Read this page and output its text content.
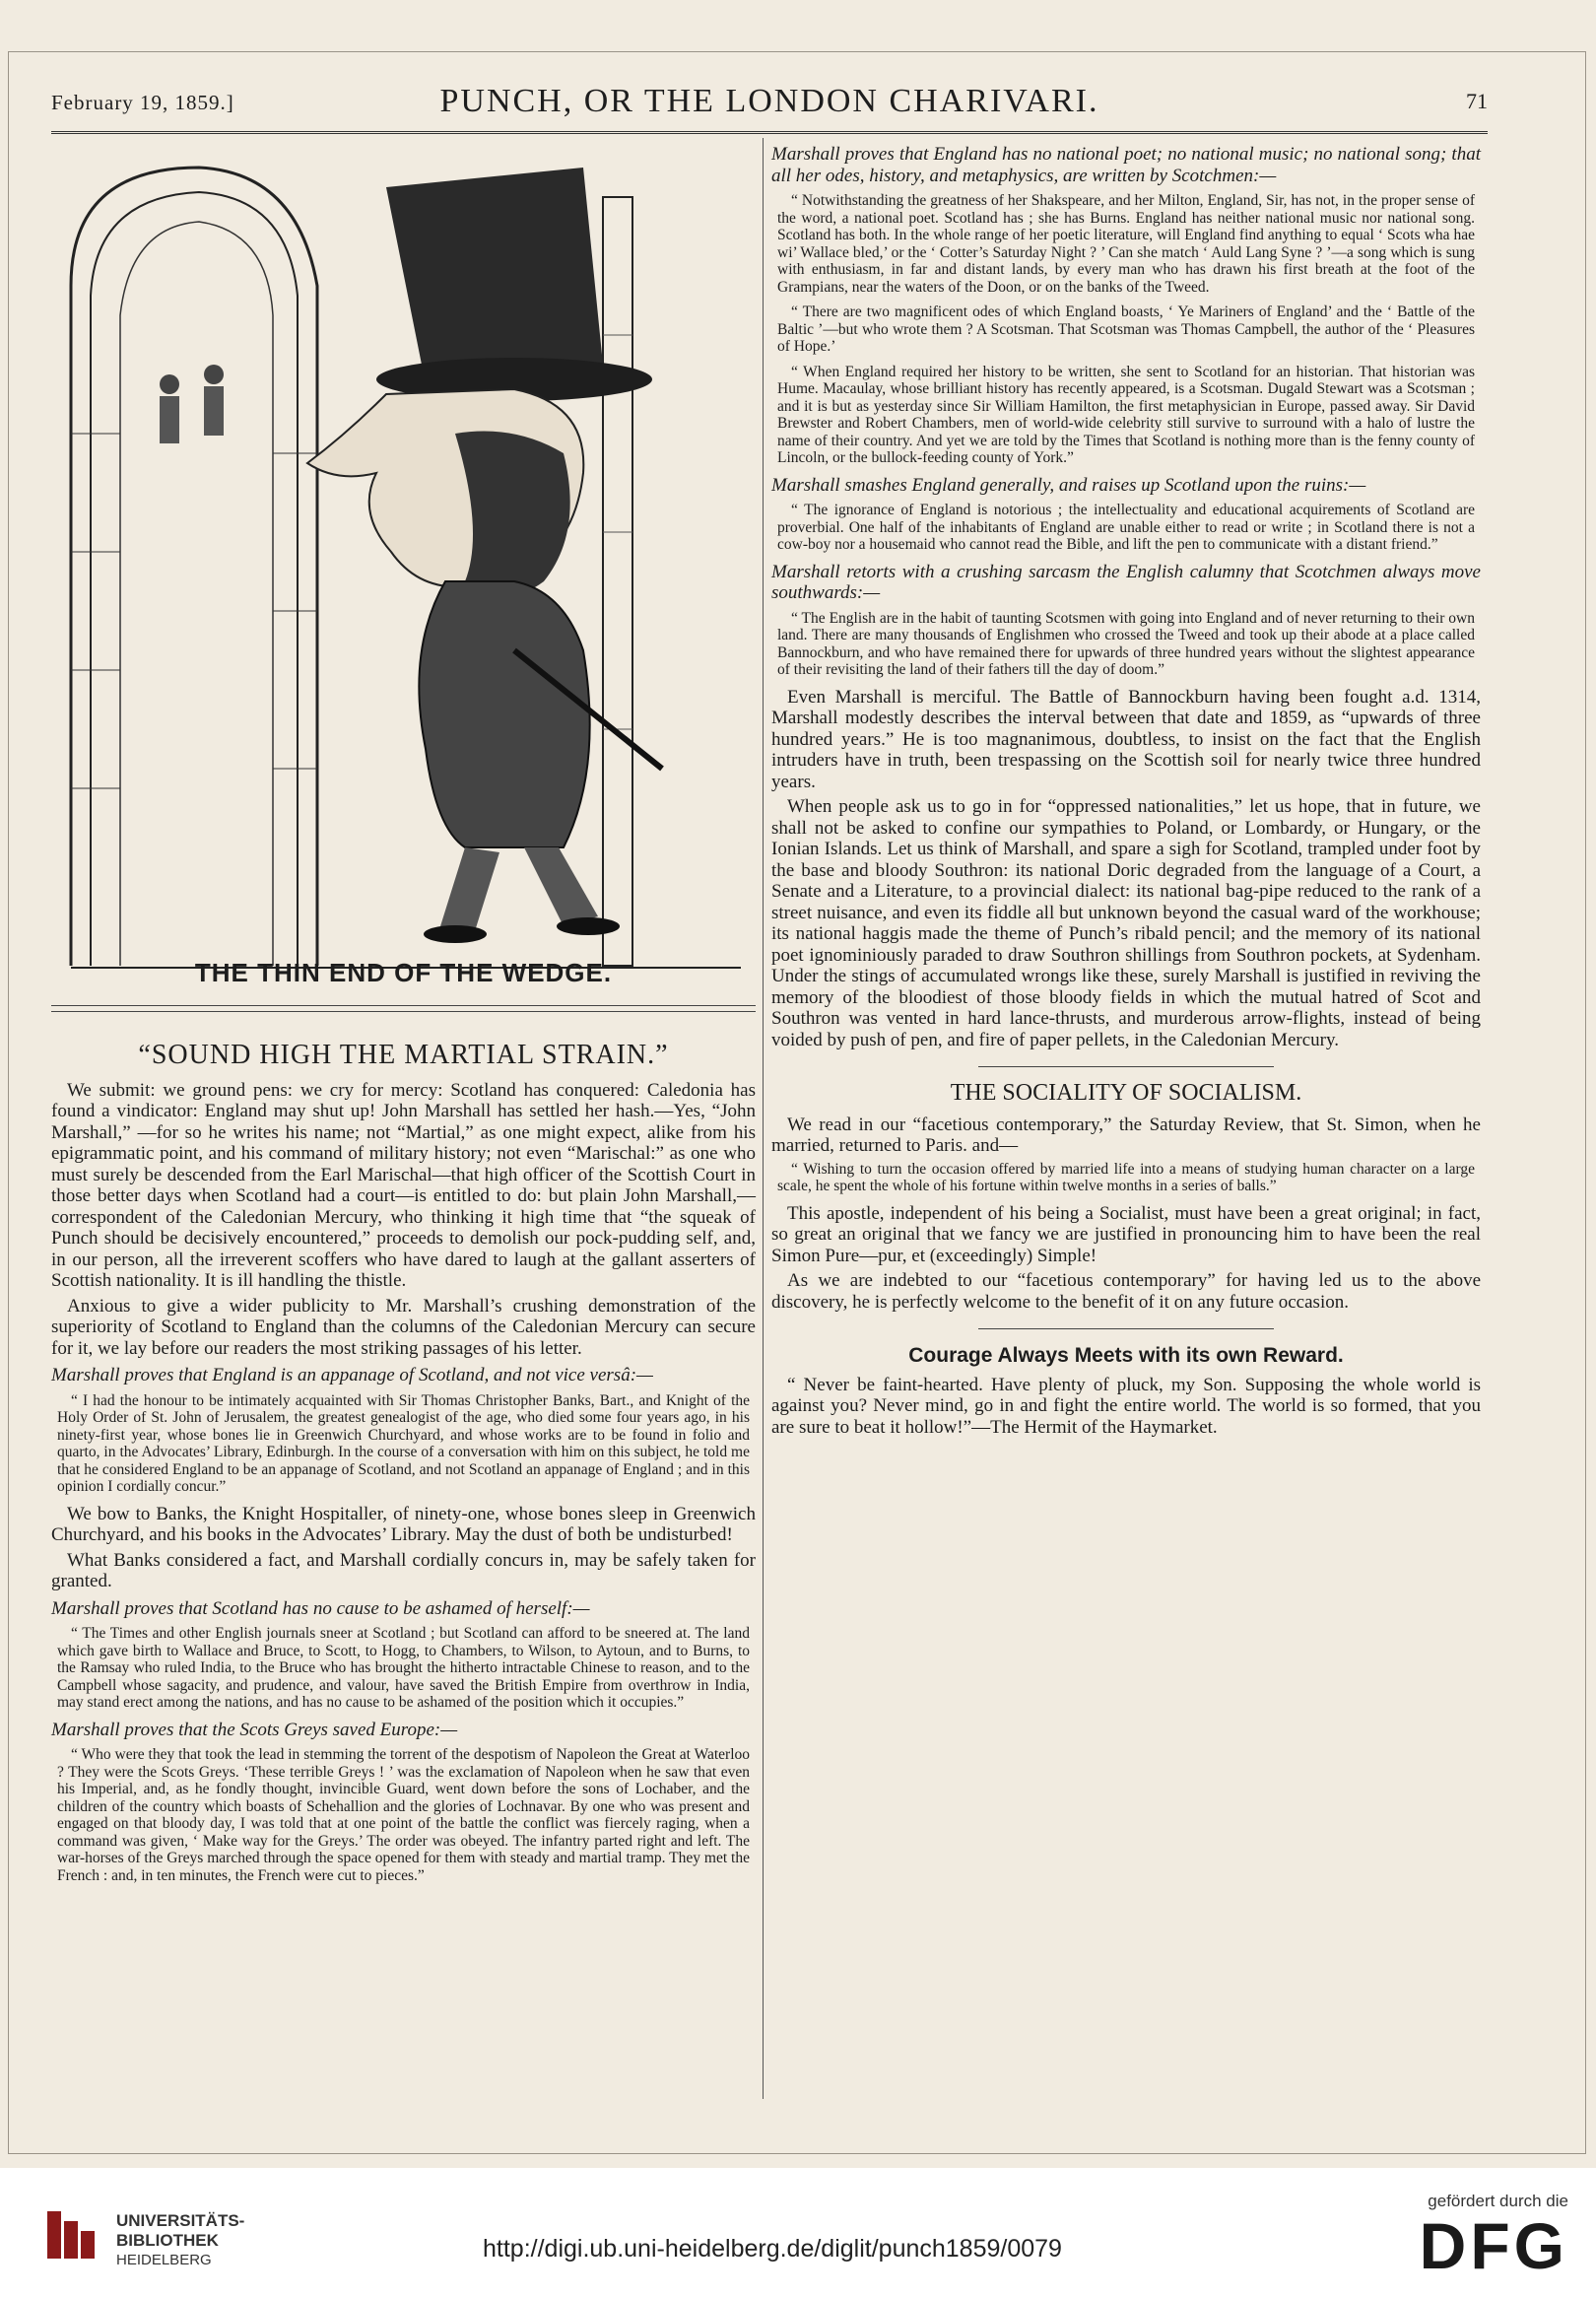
February 19, 1859.]	PUNCH, OR THE LONDON CHARIVARI.	71
THE THIN END OF THE WEDGE.
“SOUND HIGH THE MARTIAL STRAIN.”

We submit: we ground pens: we cry for mercy: Scotland has conquered: Caledonia has found a vindicator: England may shut up! John Marshall has settled her hash.—Yes, “John Marshall,” —for so he writes his name; not “Martial,” as one might expect, alike from his epigrammatic point, and his command of military history; not even “Marischal:” as one who must surely be descended from the Earl Marischal—that high officer of the Scottish Court in those better days when Scotland had a court—is entitled to do: but plain John Marshall,—correspondent of the Caledonian Mercury, who thinking it high time that “the squeak of Punch should be decisively encountered,” proceeds to demolish our pock-pudding self, and, in our person, all the irreverent scoffers who have dared to laugh at the gallant asserters of Scottish nationality. It is ill handling the thistle.

Anxious to give a wider publicity to Mr. Marshall’s crushing demonstration of the superiority of Scotland to England than the columns of the Caledonian Mercury can secure for it, we lay before our readers the most striking passages of his letter.

Marshall proves that England is an appanage of Scotland, and not vice versâ:—

“ I had the honour to be intimately acquainted with Sir Thomas Christopher Banks, Bart., and Knight of the Holy Order of St. John of Jerusalem, the greatest genealogist of the age, who died some four years ago, in his ninety-first year, whose bones lie in Greenwich Churchyard, and whose works are to be found in folio and quarto, in the Advocates’ Library, Edinburgh. In the course of a conversation with him on this subject, he told me that he considered England to be an appanage of Scotland, and not Scotland an appanage of England ; and in this opinion I cordially concur.”

We bow to Banks, the Knight Hospitaller, of ninety-one, whose bones sleep in Greenwich Churchyard, and his books in the Advocates’ Library. May the dust of both be undisturbed!

What Banks considered a fact, and Marshall cordially concurs in, may be safely taken for granted.

Marshall proves that Scotland has no cause to be ashamed of herself:—

“ The Times and other English journals sneer at Scotland ; but Scotland can afford to be sneered at. The land which gave birth to Wallace and Bruce, to Scott, to Hogg, to Chambers, to Wilson, to Aytoun, and to Burns, to the Ramsay who ruled India, to the Bruce who has brought the hitherto intractable Chinese to reason, and to the Campbell whose sagacity, and prudence, and valour, have saved the British Empire from overthrow in India, may stand erect among the nations, and has no cause to be ashamed of the position which it occupies.”

Marshall proves that the Scots Greys saved Europe:—

“ Who were they that took the lead in stemming the torrent of the despotism of Napoleon the Great at Waterloo ? They were the Scots Greys. ‘These terrible Greys ! ’ was the exclamation of Napoleon when he saw that even his Imperial, and, as he fondly thought, invincible Guard, went down before the sons of Lochaber, and the children of the country which boasts of Schehallion and the glories of Lochnavar. By one who was present and engaged on that bloody day, I was told that at one point of the battle the conflict was fiercely raging, when a command was given, ‘ Make way for the Greys.’ The order was obeyed. The infantry parted right and left. The war-horses of the Greys marched through the space opened for them with steady and martial tramp. They met the French : and, in ten minutes, the French were cut to pieces.”

Marshall proves that England has no national poet; no national music; no national song; that all her odes, history, and metaphysics, are written by Scotchmen:—

“ Notwithstanding the greatness of her Shakspeare, and her Milton, England, Sir, has not, in the proper sense of the word, a national poet. Scotland has ; she has Burns. England has neither national music nor national song. Scotland has both. In the whole range of her poetic literature, will England find anything to equal ‘ Scots wha hae wi’ Wallace bled,’ or the ‘ Cotter’s Saturday Night ? ’ Can she match ‘ Auld Lang Syne ? ’—a song which is sung with enthusiasm, in far and distant lands, by every man who has drawn his first breath at the foot of the Grampians, near the waters of the Doon, or on the banks of the Tweed.

“ There are two magnificent odes of which England boasts, ‘ Ye Mariners of England’ and the ‘ Battle of the Baltic ’—but who wrote them ? A Scotsman. That Scotsman was Thomas Campbell, the author of the ‘ Pleasures of Hope.’

“ When England required her history to be written, she sent to Scotland for an historian. That historian was Hume. Macaulay, whose brilliant history has recently appeared, is a Scotsman. Dugald Stewart was a Scotsman ; and it is but as yesterday since Sir William Hamilton, the first metaphysician in Europe, passed away. Sir David Brewster and Robert Chambers, men of world-wide celebrity still survive to surround with a halo of lustre the name of their country. And yet we are told by the Times that Scotland is nothing more than is the fenny county of Lincoln, or the bullock-feeding county of York.”

Marshall smashes England generally, and raises up Scotland upon the ruins:—

“ The ignorance of England is notorious ; the intellectuality and educational acquirements of Scotland are proverbial. One half of the inhabitants of England are unable either to read or write ; in Scotland there is not a cow-boy nor a housemaid who cannot read the Bible, and lift the pen to communicate with a distant friend.”

Marshall retorts with a crushing sarcasm the English calumny that Scotchmen always move southwards:—

“ The English are in the habit of taunting Scotsmen with going into England and of never returning to their own land. There are many thousands of Englishmen who crossed the Tweed and took up their abode at a place called Bannockburn, and who have remained there for upwards of three hundred years without the slightest appearance of their revisiting the land of their fathers till the day of doom.”

Even Marshall is merciful. The Battle of Bannockburn having been fought a.d. 1314, Marshall modestly describes the interval between that date and 1859, as “upwards of three hundred years.” He is too magnanimous, doubtless, to insist on the fact that the English intruders have in truth, been trespassing on the Scottish soil for nearly twice three hundred years.

When people ask us to go in for “oppressed nationalities,” let us hope, that in future, we shall not be asked to confine our sympathies to Poland, or Lombardy, or Hungary, or the Ionian Islands. Let us think of Marshall, and spare a sigh for Scotland, trampled under foot by the base and bloody Southron: its national Doric degraded from the language of a Court, a Senate and a Literature, to a provincial dialect: its national bag-pipe reduced to the rank of a street nuisance, and even its fiddle all but unknown beyond the casual ward of the workhouse; its national haggis made the theme of Punch’s ribald pencil; and the memory of its national poet ignominiously paraded to draw Southron shillings from Southron pockets, at Sydenham. Under the stings of accumulated wrongs like these, surely Marshall is justified in reviving the memory of the bloodiest of those bloody fields in which the mutual hatred of Scot and Southron was vented in hard lance-thrusts, and murderous arrow-flights, instead of being voided by push of pen, and fire of paper pellets, in the Caledonian Mercury.

THE SOCIALITY OF SOCIALISM.

We read in our “facetious contemporary,” the Saturday Review, that St. Simon, when he married, returned to Paris. and—

“ Wishing to turn the occasion offered by married life into a means of studying human character on a large scale, he spent the whole of his fortune within twelve months in a series of balls.”

This apostle, independent of his being a Socialist, must have been a great original; in fact, so great an original that we fancy we are justified in pronouncing him to have been the real Simon Pure—pur, et (exceedingly) Simple!

As we are indebted to our “facetious contemporary” for having led us to the above discovery, he is perfectly welcome to the benefit of it on any future occasion.

Courage Always Meets with its own Reward.

“ Never be faint-hearted. Have plenty of pluck, my Son. Supposing the whole world is against you? Never mind, go in and fight the entire world. The world is so formed, that you are sure to beat it hollow!”—The Hermit of the Haymarket.

UNIVERSITÄTS-
BIBLIOTHEK
HEIDELBERG	http://digi.ub.uni-heidelberg.de/diglit/punch1859/0079
gefördert durch die
DFG
